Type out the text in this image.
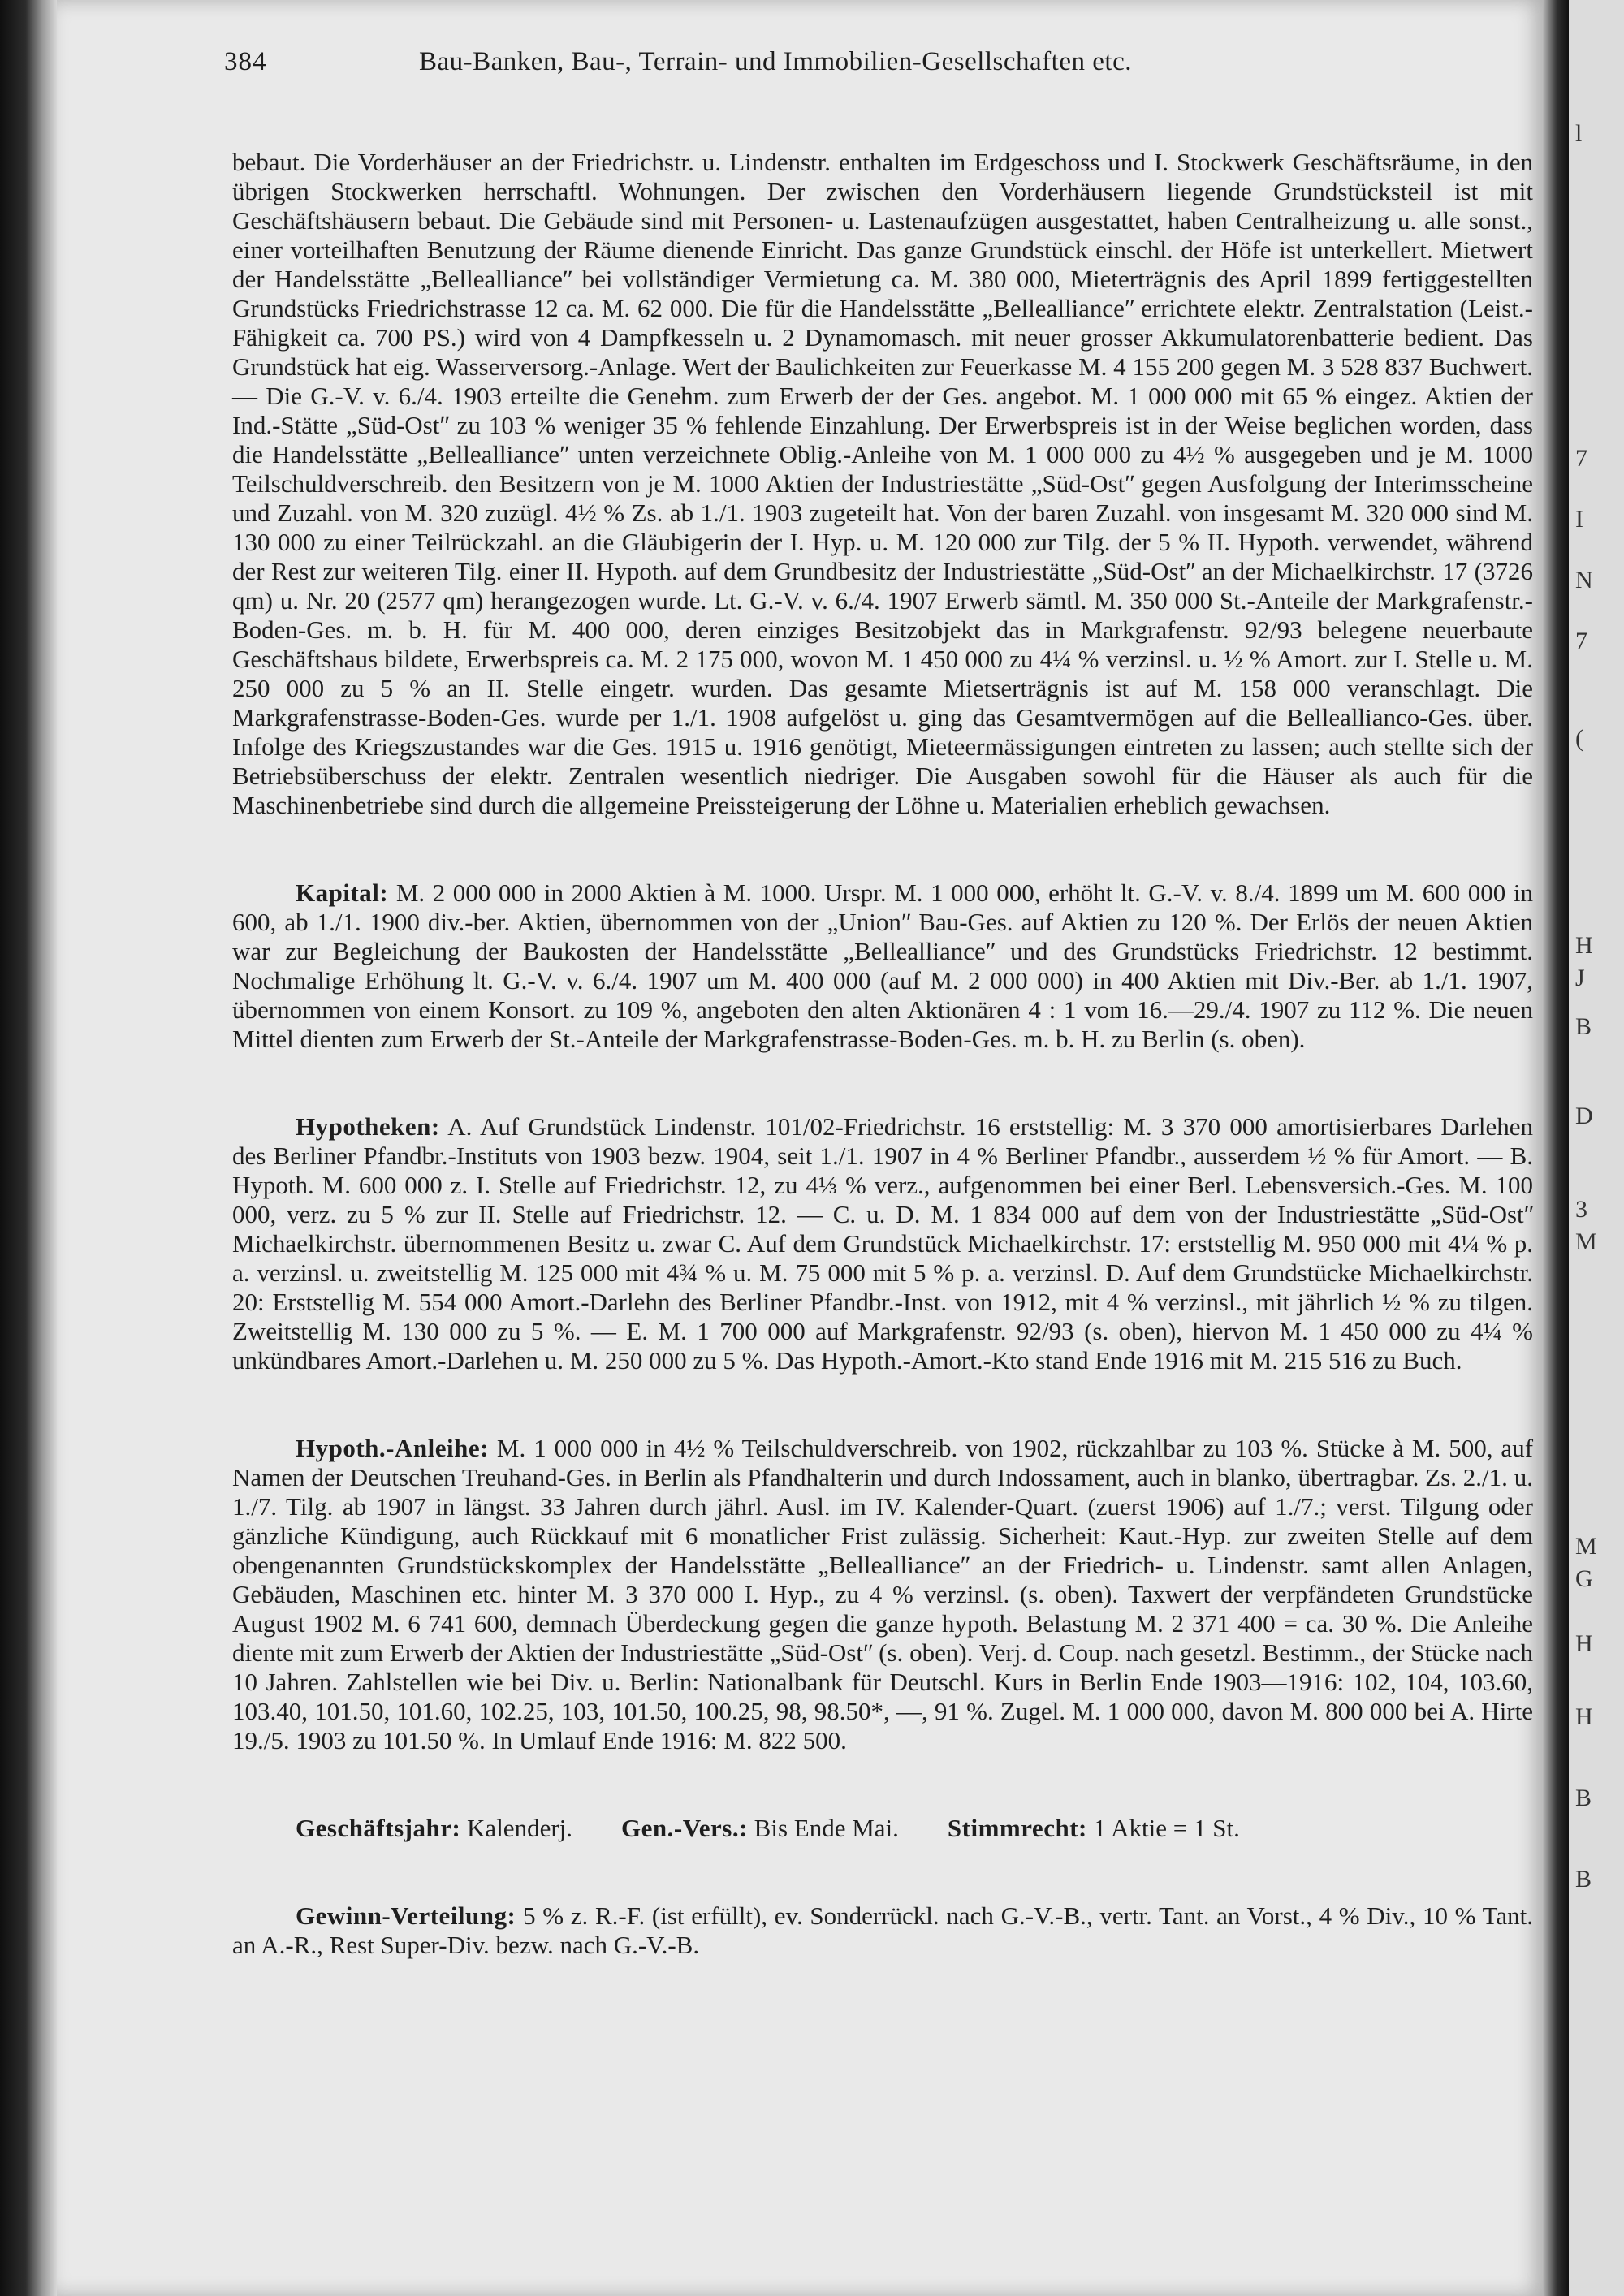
384	Bau-Banken, Bau-, Terrain- und Immobilien-Gesellschaften etc.

bebaut. Die Vorderhäuser an der Friedrichstr. u. Lindenstr. enthalten im Erdgeschoss und I. Stockwerk Geschäftsräume, in den übrigen Stockwerken herrschaftl. Wohnungen. Der zwischen den Vorderhäusern liegende Grundstücksteil ist mit Geschäftshäusern bebaut. Die Gebäude sind mit Personen- u. Lastenaufzügen ausgestattet, haben Centralheizung u. alle sonst., einer vorteilhaften Benutzung der Räume dienende Einricht. Das ganze Grundstück einschl. der Höfe ist unterkellert. Mietwert der Handelsstätte „Belleallianceʺ bei vollständiger Vermietung ca. M. 380 000, Mieterträgnis des April 1899 fertiggestellten Grundstücks Friedrichstrasse 12 ca. M. 62 000. Die für die Handelsstätte „Belleallianceʺ errichtete elektr. Zentralstation (Leist.-Fähigkeit ca. 700 PS.) wird von 4 Dampfkesseln u. 2 Dynamomasch. mit neuer grosser Akkumulatorenbatterie bedient. Das Grundstück hat eig. Wasserversorg.-Anlage. Wert der Baulichkeiten zur Feuerkasse M. 4 155 200 gegen M. 3 528 837 Buchwert. — Die G.-V. v. 6./4. 1903 erteilte die Genehm. zum Erwerb der der Ges. angebot. M. 1 000 000 mit 65 % eingez. Aktien der Ind.-Stätte „Süd-Ostʺ zu 103 % weniger 35 % fehlende Einzahlung. Der Erwerbspreis ist in der Weise beglichen worden, dass die Handelsstätte „Belleallianceʺ unten verzeichnete Oblig.-Anleihe von M. 1 000 000 zu 4½ % ausgegeben und je M. 1000 Teilschuldverschreib. den Besitzern von je M. 1000 Aktien der Industriestätte „Süd-Ostʺ gegen Ausfolgung der Interimsscheine und Zuzahl. von M. 320 zuzügl. 4½ % Zs. ab 1./1. 1903 zugeteilt hat. Von der baren Zuzahl. von insgesamt M. 320 000 sind M. 130 000 zu einer Teilrückzahl. an die Gläubigerin der I. Hyp. u. M. 120 000 zur Tilg. der 5 % II. Hypoth. verwendet, während der Rest zur weiteren Tilg. einer II. Hypoth. auf dem Grundbesitz der Industriestätte „Süd-Ostʺ an der Michaelkirchstr. 17 (3726 qm) u. Nr. 20 (2577 qm) herangezogen wurde. Lt. G.-V. v. 6./4. 1907 Erwerb sämtl. M. 350 000 St.-Anteile der Markgrafenstr.-Boden-Ges. m. b. H. für M. 400 000, deren einziges Besitzobjekt das in Markgrafenstr. 92/93 belegene neuerbaute Geschäftshaus bildete, Erwerbspreis ca. M. 2 175 000, wovon M. 1 450 000 zu 4¼ % verzinsl. u. ½ % Amort. zur I. Stelle u. M. 250 000 zu 5 % an II. Stelle eingetr. wurden. Das gesamte Mietserträgnis ist auf M. 158 000 veranschlagt. Die Markgrafenstrasse-Boden-Ges. wurde per 1./1. 1908 aufgelöst u. ging das Gesamtvermögen auf die Belleallianco-Ges. über. Infolge des Kriegszustandes war die Ges. 1915 u. 1916 genötigt, Mieteermässigungen eintreten zu lassen; auch stellte sich der Betriebsüberschuss der elektr. Zentralen wesentlich niedriger. Die Ausgaben sowohl für die Häuser als auch für die Maschinenbetriebe sind durch die allgemeine Preissteigerung der Löhne u. Materialien erheblich gewachsen.

Kapital: M. 2 000 000 in 2000 Aktien à M. 1000. Urspr. M. 1 000 000, erhöht lt. G.-V. v. 8./4. 1899 um M. 600 000 in 600, ab 1./1. 1900 div.-ber. Aktien, übernommen von der „Unionʺ Bau-Ges. auf Aktien zu 120 %. Der Erlös der neuen Aktien war zur Begleichung der Baukosten der Handelsstätte „Belleallianceʺ und des Grundstücks Friedrichstr. 12 bestimmt. Nochmalige Erhöhung lt. G.-V. v. 6./4. 1907 um M. 400 000 (auf M. 2 000 000) in 400 Aktien mit Div.-Ber. ab 1./1. 1907, übernommen von einem Konsort. zu 109 %, angeboten den alten Aktionären 4 : 1 vom 16.—29./4. 1907 zu 112 %. Die neuen Mittel dienten zum Erwerb der St.-Anteile der Markgrafenstrasse-Boden-Ges. m. b. H. zu Berlin (s. oben).

Hypotheken: A. Auf Grundstück Lindenstr. 101/02-Friedrichstr. 16 erststellig: M. 3 370 000 amortisierbares Darlehen des Berliner Pfandbr.-Instituts von 1903 bezw. 1904, seit 1./1. 1907 in 4 % Berliner Pfandbr., ausserdem ½ % für Amort. — B. Hypoth. M. 600 000 z. I. Stelle auf Friedrichstr. 12, zu 4⅓ % verz., aufgenommen bei einer Berl. Lebensversich.-Ges. M. 100 000, verz. zu 5 % zur II. Stelle auf Friedrichstr. 12. — C. u. D. M. 1 834 000 auf dem von der Industriestätte „Süd-Ostʺ Michaelkirchstr. übernommenen Besitz u. zwar C. Auf dem Grundstück Michaelkirchstr. 17: erststellig M. 950 000 mit 4¼ % p. a. verzinsl. u. zweitstellig M. 125 000 mit 4¾ % u. M. 75 000 mit 5 % p. a. verzinsl. D. Auf dem Grundstücke Michaelkirchstr. 20: Erststellig M. 554 000 Amort.-Darlehn des Berliner Pfandbr.-Inst. von 1912, mit 4 % verzinsl., mit jährlich ½ % zu tilgen. Zweitstellig M. 130 000 zu 5 %. — E. M. 1 700 000 auf Markgrafenstr. 92/93 (s. oben), hiervon M. 1 450 000 zu 4¼ % unkündbares Amort.-Darlehen u. M. 250 000 zu 5 %. Das Hypoth.-Amort.-Kto stand Ende 1916 mit M. 215 516 zu Buch.

Hypoth.-Anleihe: M. 1 000 000 in 4½ % Teilschuldverschreib. von 1902, rückzahlbar zu 103 %. Stücke à M. 500, auf Namen der Deutschen Treuhand-Ges. in Berlin als Pfandhalterin und durch Indossament, auch in blanko, übertragbar. Zs. 2./1. u. 1./7. Tilg. ab 1907 in längst. 33 Jahren durch jährl. Ausl. im IV. Kalender-Quart. (zuerst 1906) auf 1./7.; verst. Tilgung oder gänzliche Kündigung, auch Rückkauf mit 6 monatlicher Frist zulässig. Sicherheit: Kaut.-Hyp. zur zweiten Stelle auf dem obengenannten Grundstückskomplex der Handelsstätte „Belleallianceʺ an der Friedrich- u. Lindenstr. samt allen Anlagen, Gebäuden, Maschinen etc. hinter M. 3 370 000 I. Hyp., zu 4 % verzinsl. (s. oben). Taxwert der verpfändeten Grundstücke August 1902 M. 6 741 600, demnach Überdeckung gegen die ganze hypoth. Belastung M. 2 371 400 = ca. 30 %. Die Anleihe diente mit zum Erwerb der Aktien der Industriestätte „Süd-Ostʺ (s. oben). Verj. d. Coup. nach gesetzl. Bestimm., der Stücke nach 10 Jahren. Zahlstellen wie bei Div. u. Berlin: Nationalbank für Deutschl. Kurs in Berlin Ende 1903—1916: 102, 104, 103.60, 103.40, 101.50, 101.60, 102.25, 103, 101.50, 100.25, 98, 98.50*, —, 91 %. Zugel. M. 1 000 000, davon M. 800 000 bei A. Hirte 19./5. 1903 zu 101.50 %. In Umlauf Ende 1916: M. 822 500.

Geschäftsjahr: Kalenderj. Gen.-Vers.: Bis Ende Mai. Stimmrecht: 1 Aktie = 1 St.

Gewinn-Verteilung: 5 % z. R.-F. (ist erfüllt), ev. Sonderrückl. nach G.-V.-B., vertr. Tant. an Vorst., 4 % Div., 10 % Tant. an A.-R., Rest Super-Div. bezw. nach G.-V.-B.

l
7
I
N
7
(
H
J
B
D
3
M
M
G
H
H
B
B
